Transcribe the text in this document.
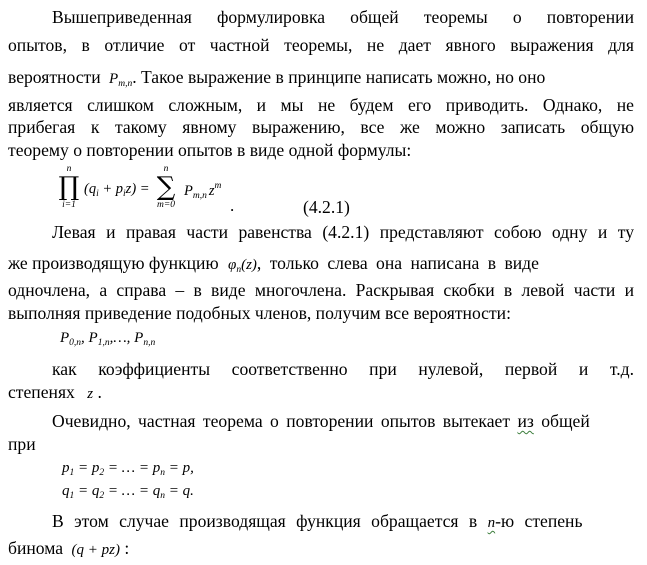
Вышеприведенная формулировка общей теоремы о повторении
опытов, в отличие от частной теоремы, не дает явного выражения для
вероятности $P_{m,n}$. Такое выражение в принципе написать можно, но оно
является слишком сложным, и мы не будем его приводить. Однако, не
прибегая к такому явному выражению, все же можно записать общую
теорему о повторении опытов в виде одной формулы:
n
∏
i=1
$(q_i + p_iz)$ =
n
∑
m=0
$P_{m,n}$ $z^m$
.	(4.2.1)
Левая и правая части равенства (4.2.1) представляют собою одну и ту
же производящую функцию $\varphi_n(z)$, только слева она написана в виде
одночлена, а справа – в виде многочлена. Раскрывая скобки в левой части и
выполняя приведение подобных членов, получим все вероятности:
$P_{0,n}$, $P_{1,n},\dots$, $P_{n,n}$
как коэффициенты соответственно при нулевой, первой и т.д.
степенях z .
Очевидно, частная теорема о повторении опытов вытекает из общей
при
$p_1 = p_2$ = … = $p_n = p$,
$q_1 = q_2$ = … = $q_n = q$.
В этом случае производящая функция обращается в n-ю степень
бинома (q + pz) :
